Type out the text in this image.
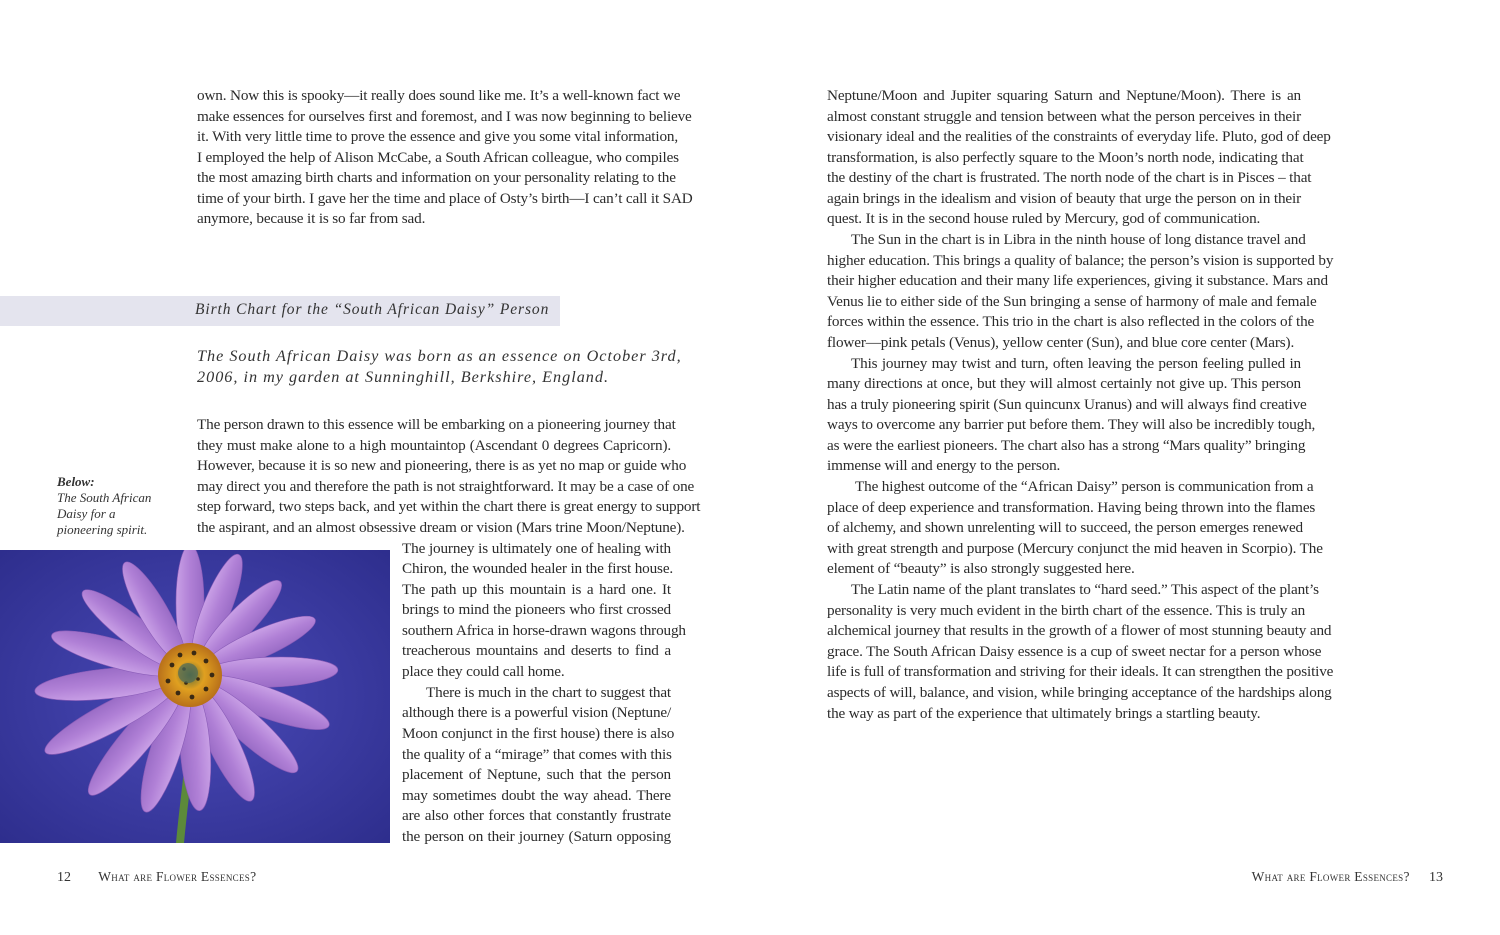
own. Now this is spooky—it really does sound like me. It’s a well-known fact we
make essences for ourselves first and foremost, and I was now beginning to believe
it. With very little time to prove the essence and give you some vital information,
I employed the help of Alison McCabe, a South African colleague, who compiles
the most amazing birth charts and information on your personality relating to the
time of your birth. I gave her the time and place of Osty’s birth—I can’t call it SAD
anymore, because it is so far from sad.
Birth Chart for the “South African Daisy” Person
The South African Daisy was born as an essence on October 3rd,
2006, in my garden at Sunninghill, Berkshire, England.
The person drawn to this essence will be embarking on a pioneering journey that
they must make alone to a high mountaintop (Ascendant 0 degrees Capricorn).
However, because it is so new and pioneering, there is as yet no map or guide who
may direct you and therefore the path is not straightforward. It may be a case of one
step forward, two steps back, and yet within the chart there is great energy to support
the aspirant, and an almost obsessive dream or vision (Mars trine Moon/Neptune).
Below:
The South African
Daisy for a
pioneering spirit.
The journey is ultimately one of healing with
Chiron, the wounded healer in the first house.
The path up this mountain is a hard one. It
brings to mind the pioneers who first crossed
southern Africa in horse-drawn wagons through
treacherous mountains and deserts to find a
place they could call home.
There is much in the chart to suggest that
although there is a powerful vision (Neptune/
Moon conjunct in the first house) there is also
the quality of a “mirage” that comes with this
placement of Neptune, such that the person
may sometimes doubt the way ahead. There
are also other forces that constantly frustrate
the person on their journey (Saturn opposing
12 What are Flower Essences?
Neptune/Moon and Jupiter squaring Saturn and Neptune/Moon). There is an
almost constant struggle and tension between what the person perceives in their
visionary ideal and the realities of the constraints of everyday life. Pluto, god of deep
transformation, is also perfectly square to the Moon’s north node, indicating that
the destiny of the chart is frustrated. The north node of the chart is in Pisces – that
again brings in the idealism and vision of beauty that urge the person on in their
quest. It is in the second house ruled by Mercury, god of communication.
The Sun in the chart is in Libra in the ninth house of long distance travel and
higher education. This brings a quality of balance; the person’s vision is supported by
their higher education and their many life experiences, giving it substance. Mars and
Venus lie to either side of the Sun bringing a sense of harmony of male and female
forces within the essence. This trio in the chart is also reflected in the colors of the
flower—pink petals (Venus), yellow center (Sun), and blue core center (Mars).
This journey may twist and turn, often leaving the person feeling pulled in
many directions at once, but they will almost certainly not give up. This person
has a truly pioneering spirit (Sun quincunx Uranus) and will always find creative
ways to overcome any barrier put before them. They will also be incredibly tough,
as were the earliest pioneers. The chart also has a strong “Mars quality” bringing
immense will and energy to the person.
The highest outcome of the “African Daisy” person is communication from a
place of deep experience and transformation. Having being thrown into the flames
of alchemy, and shown unrelenting will to succeed, the person emerges renewed
with great strength and purpose (Mercury conjunct the mid heaven in Scorpio). The
element of “beauty” is also strongly suggested here.
The Latin name of the plant translates to “hard seed.” This aspect of the plant’s
personality is very much evident in the birth chart of the essence. This is truly an
alchemical journey that results in the growth of a flower of most stunning beauty and
grace. The South African Daisy essence is a cup of sweet nectar for a person whose
life is full of transformation and striving for their ideals. It can strengthen the positive
aspects of will, balance, and vision, while bringing acceptance of the hardships along
the way as part of the experience that ultimately brings a startling beauty.
What are Flower Essences? 13
